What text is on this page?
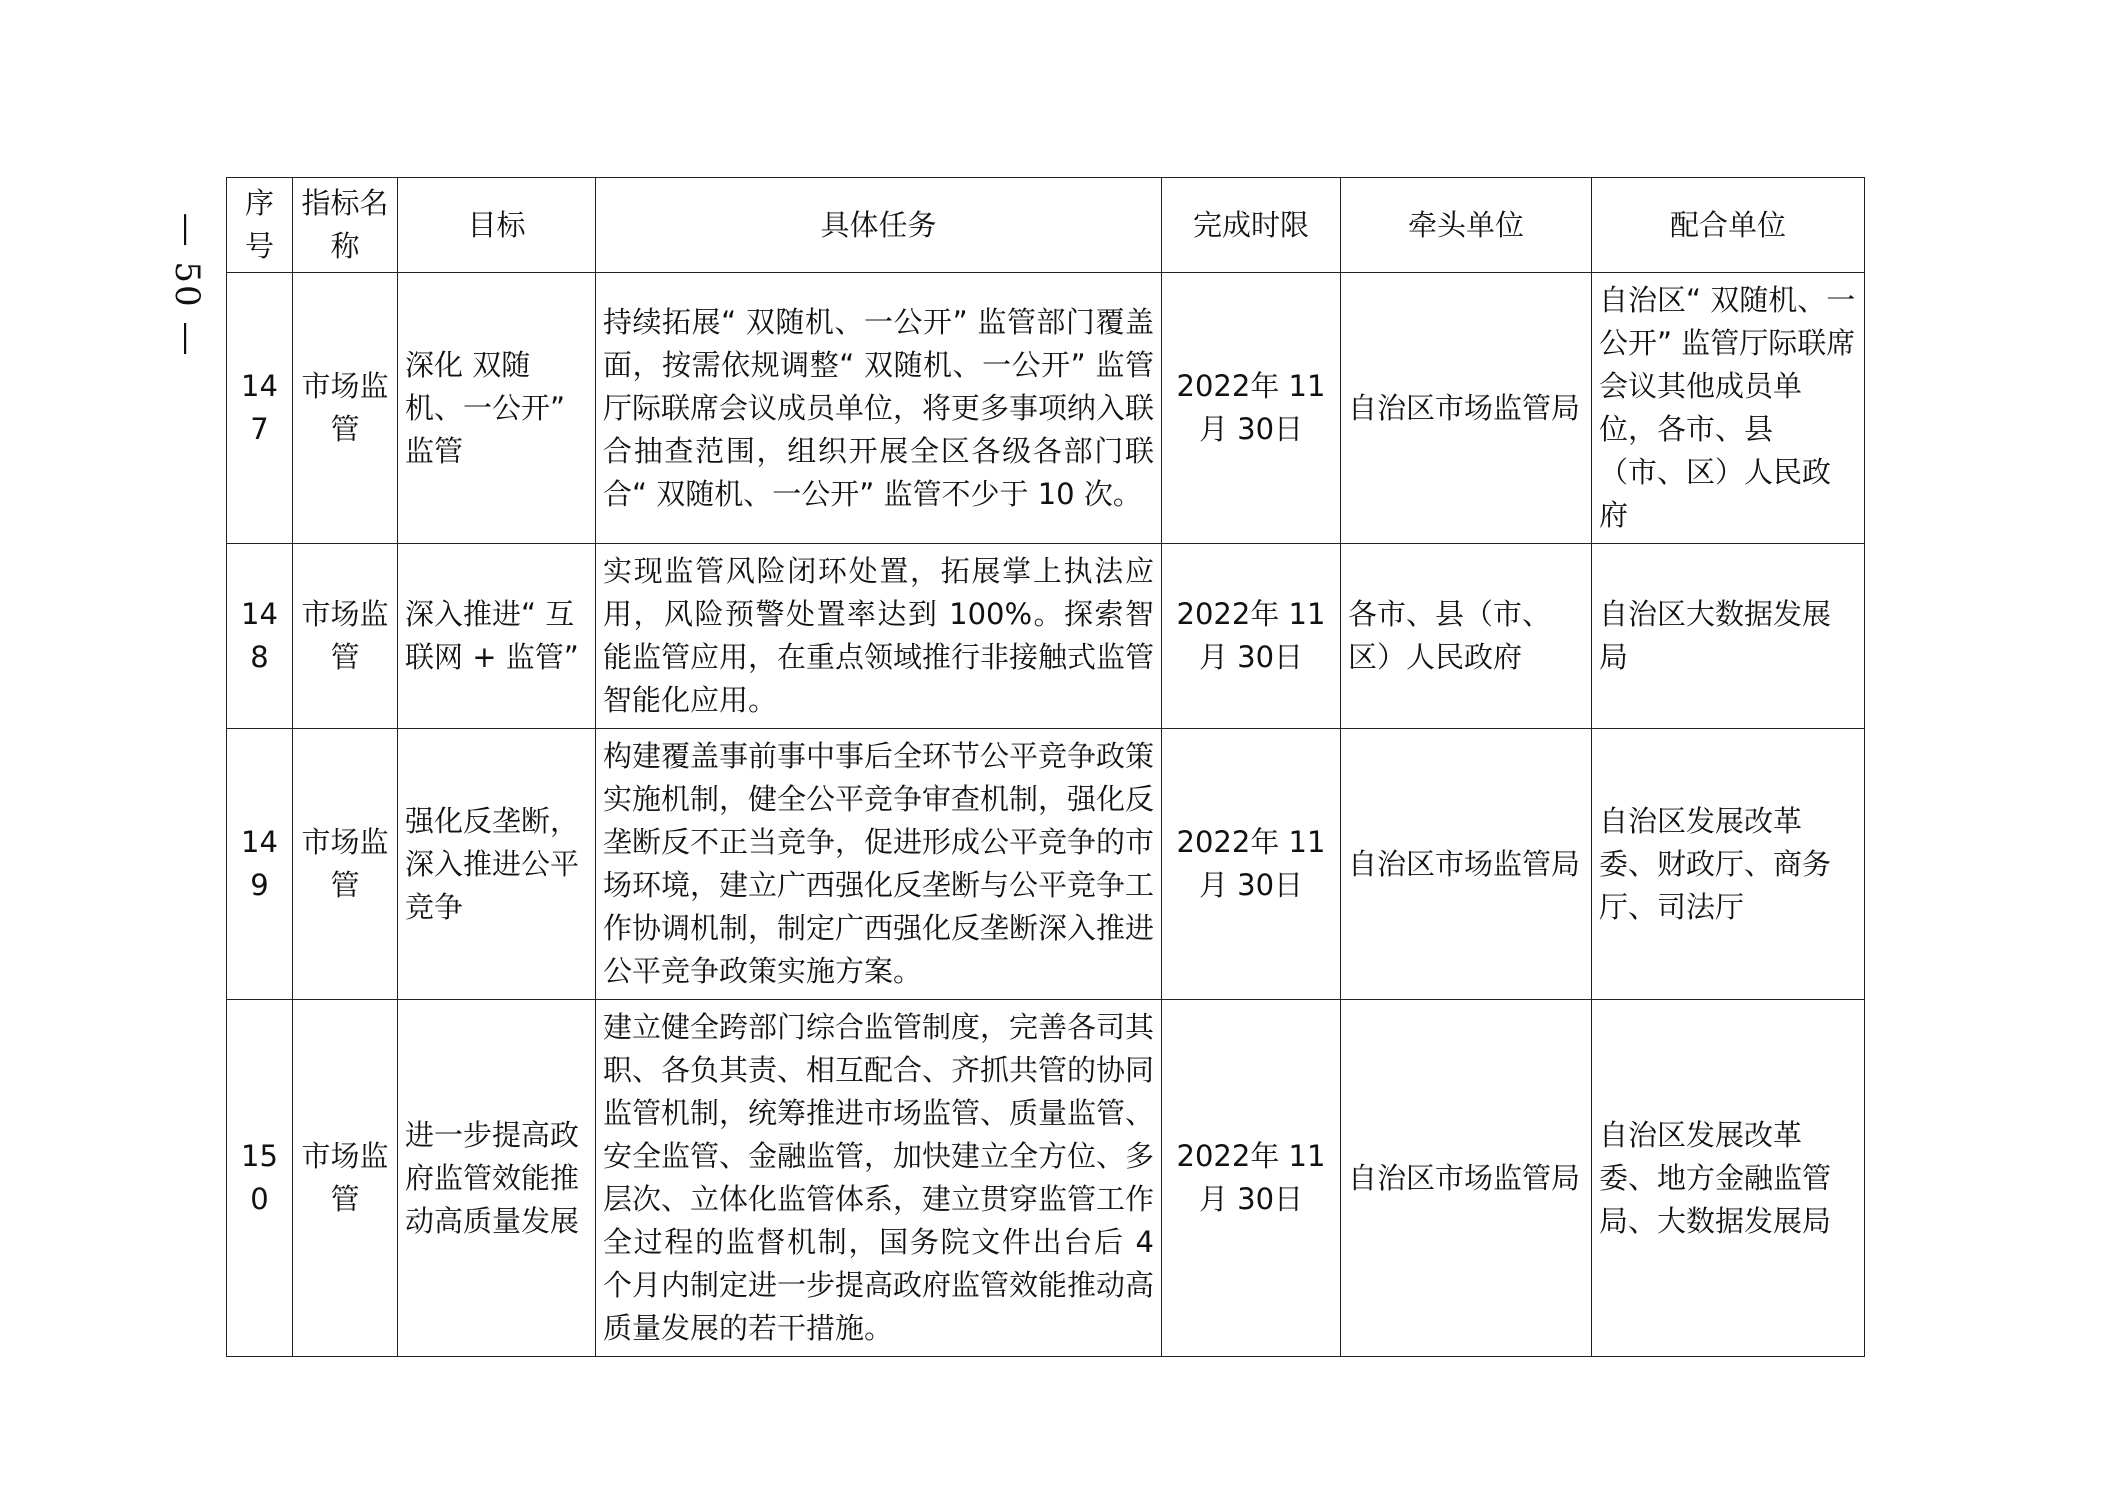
— 50 —
序号	指标名称	目标	具体任务	完成时限	牵头单位	配合单位
147	市场监管	深化 双随机、一公开” 监管	持续拓展“ 双随机、一公开” 监管部门覆盖面，按需依规调整“ 双随机、一公开” 监管厅际联席会议成员单位，将更多事项纳入联合抽查范围，组织开展全区各级各部门联合“ 双随机、一公开” 监管不少于 10 次。	2022年 11月 30日	自治区市场监管局	自治区“ 双随机、一公开” 监管厅际联席会议其他成员单位，各市、县（市、区）人民政府
148	市场监管	深入推进“ 互联网 + 监管”	实现监管风险闭环处置，拓展掌上执法应用，风险预警处置率达到 100%。探索智能监管应用，在重点领域推行非接触式监管智能化应用。	2022年 11月 30日	各市、县（市、区）人民政府	自治区大数据发展局
149	市场监管	强化反垄断，深入推进公平竞争	构建覆盖事前事中事后全环节公平竞争政策实施机制，健全公平竞争审查机制，强化反垄断反不正当竞争，促进形成公平竞争的市场环境，建立广西强化反垄断与公平竞争工作协调机制，制定广西强化反垄断深入推进公平竞争政策实施方案。	2022年 11月 30日	自治区市场监管局	自治区发展改革委、财政厅、商务厅、司法厅
150	市场监管	进一步提高政府监管效能推动高质量发展	建立健全跨部门综合监管制度，完善各司其职、各负其责、相互配合、齐抓共管的协同监管机制，统筹推进市场监管、质量监管、安全监管、金融监管，加快建立全方位、多层次、立体化监管体系，建立贯穿监管工作全过程的监督机制，国务院文件出台后 4 个月内制定进一步提高政府监管效能推动高质量发展的若干措施。	2022年 11月 30日	自治区市场监管局	自治区发展改革委、地方金融监管局、大数据发展局
